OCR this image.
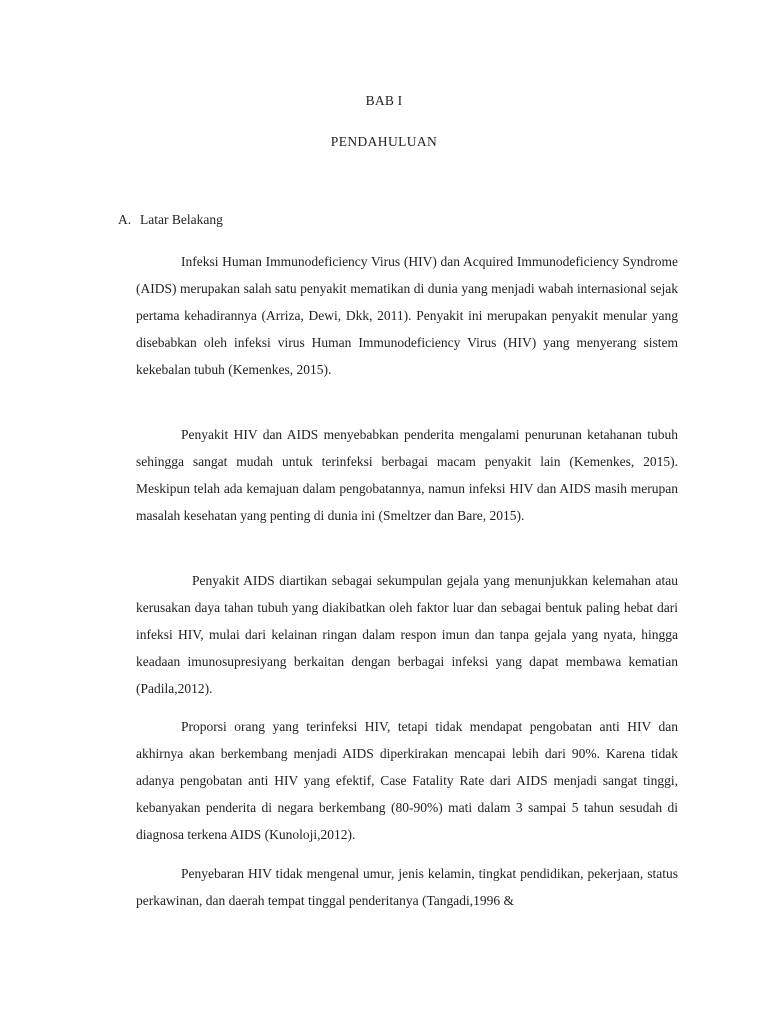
BAB I
PENDAHULUAN
A. Latar Belakang

Infeksi Human Immunodeficiency Virus (HIV) dan Acquired Immunodeficiency Syndrome (AIDS) merupakan salah satu penyakit mematikan di dunia yang menjadi wabah internasional sejak pertama kehadirannya (Arriza, Dewi, Dkk, 2011). Penyakit ini merupakan penyakit menular yang disebabkan oleh infeksi virus Human Immunodeficiency Virus (HIV) yang menyerang sistem kekebalan tubuh (Kemenkes, 2015).

Penyakit HIV dan AIDS menyebabkan penderita mengalami penurunan ketahanan tubuh sehingga sangat mudah untuk terinfeksi berbagai macam penyakit lain (Kemenkes, 2015). Meskipun telah ada kemajuan dalam pengobatannya, namun infeksi HIV dan AIDS masih merupan masalah kesehatan yang penting di dunia ini (Smeltzer dan Bare, 2015).

Penyakit AIDS diartikan sebagai sekumpulan gejala yang menunjukkan kelemahan atau kerusakan daya tahan tubuh yang diakibatkan oleh faktor luar dan sebagai bentuk paling hebat dari infeksi HIV, mulai dari kelainan ringan dalam respon imun dan tanpa gejala yang nyata, hingga keadaan imunosupresiyang berkaitan dengan berbagai infeksi yang dapat membawa kematian (Padila,2012).

Proporsi orang yang terinfeksi HIV, tetapi tidak mendapat pengobatan anti HIV dan akhirnya akan berkembang menjadi AIDS diperkirakan mencapai lebih dari 90%. Karena tidak adanya pengobatan anti HIV yang efektif, Case Fatality Rate dari AIDS menjadi sangat tinggi, kebanyakan penderita di negara berkembang (80-90%) mati dalam 3 sampai 5 tahun sesudah di diagnosa terkena AIDS (Kunoloji,2012).

Penyebaran HIV tidak mengenal umur, jenis kelamin, tingkat pendidikan, pekerjaan, status perkawinan, dan daerah tempat tinggal penderitanya (Tangadi,1996 &
